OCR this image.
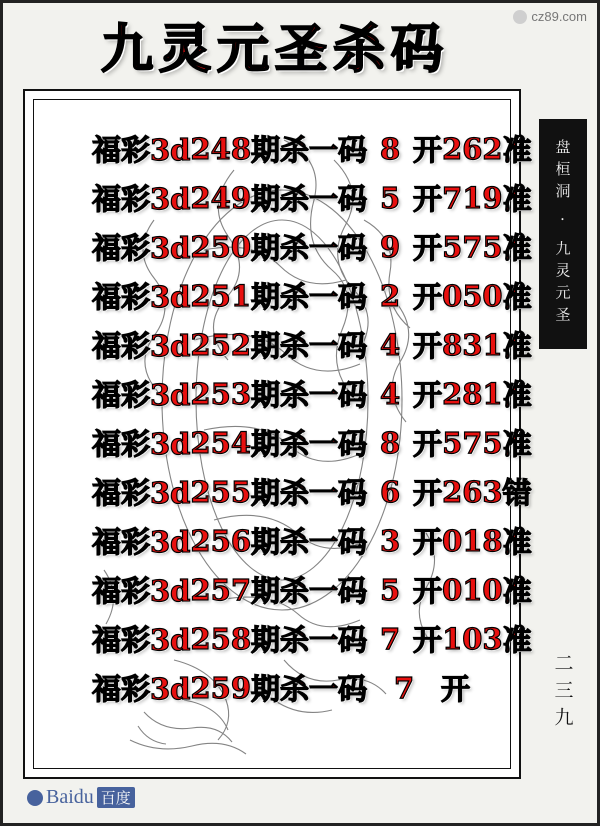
cz89.com
九灵元圣杀码
福彩3d 248 期 杀一码 8 开 262 准
福彩3d 249 期 杀一码 5 开 719 准
福彩3d 250 期 杀一码 9 开 575 准
福彩3d 251 期 杀一码 2 开 050 准
福彩3d 252 期 杀一码 4 开 831 准
福彩3d 253 期 杀一码 4 开 281 准
福彩3d 254 期 杀一码 8 开 575 准
福彩3d 255 期 杀一码 6 开 263 错
福彩3d 256 期 杀一码 3 开 018 准
福彩3d 257 期 杀一码 5 开 010 准
福彩3d 258 期 杀一码 7 开 103 准
福彩3d 259 期 杀一码 7 开
盘桓洞 · 九灵元圣
二三九
Baidu 百度
